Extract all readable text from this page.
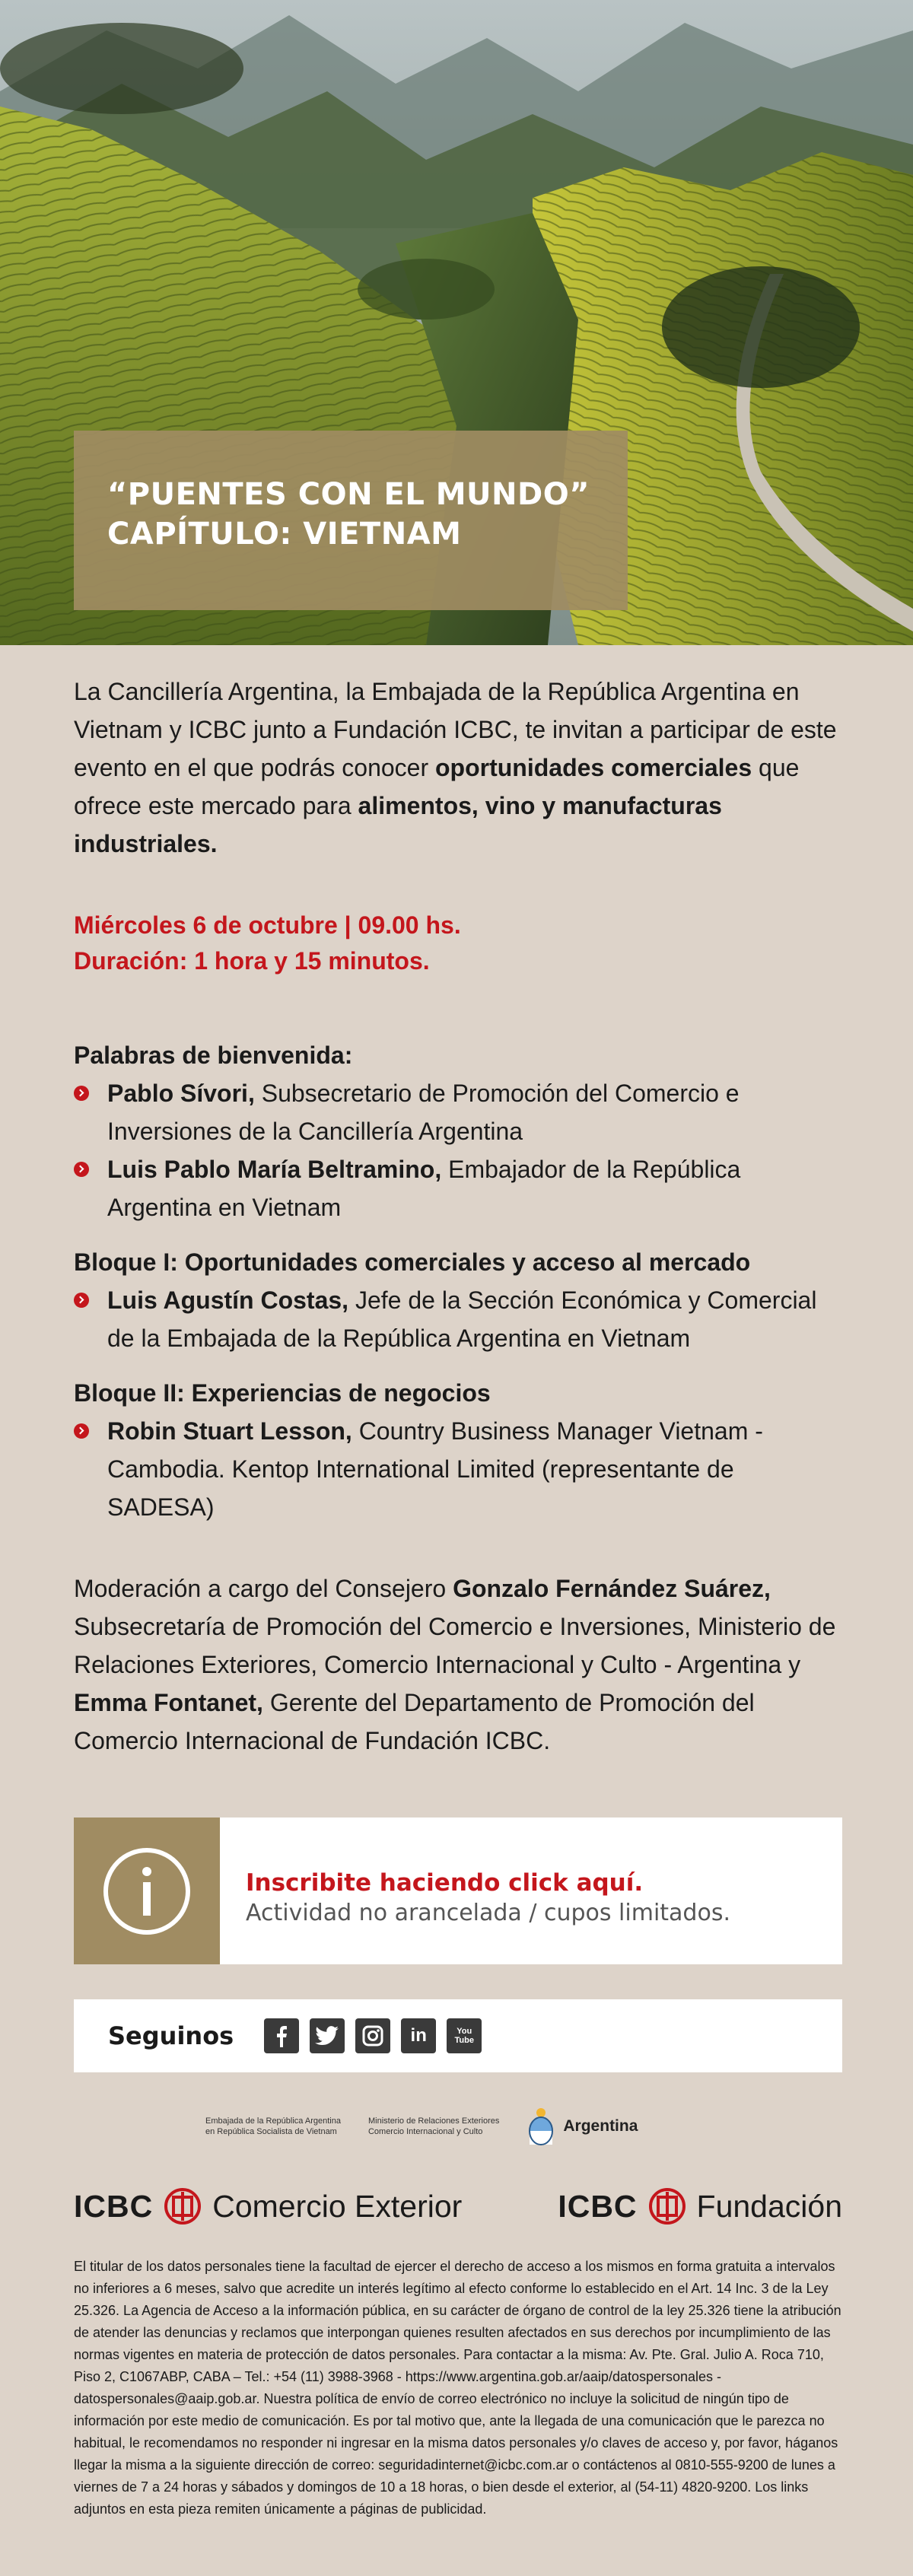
“PUENTES CON EL MUNDO”
CAPÍTULO: VIETNAM

La Cancillería Argentina, la Embajada de la República Argentina en Vietnam y ICBC junto a Fundación ICBC, te invitan a participar de este evento en el que podrás conocer oportunidades comerciales que ofrece este mercado para alimentos, vino y manufacturas industriales.

Miércoles 6 de octubre | 09.00 hs.

Duración: 1 hora y 15 minutos.

Palabras de bienvenida:
Pablo Sívori, Subsecretario de Promoción del Comercio e Inversiones de la Cancillería Argentina
Luis Pablo María Beltramino, Embajador de la República Argentina en Vietnam
Bloque I: Oportunidades comerciales y acceso al mercado
Luis Agustín Costas, Jefe de la Sección Económica y Comercial de la Embajada de la República Argentina en Vietnam
Bloque II: Experiencias de negocios
Robin Stuart Lesson, Country Business Manager Vietnam - Cambodia. Kentop International Limited (representante de SADESA)

Moderación a cargo del Consejero Gonzalo Fernández Suárez, Subsecretaría de Promoción del Comercio e Inversiones, Ministerio de Relaciones Exteriores, Comercio Internacional y Culto - Argentina y Emma Fontanet, Gerente del Departamento de Promoción del Comercio Internacional de Fundación ICBC.

Inscribite haciendo click aquí.
Actividad no arancelada / cupos limitados.
Seguinos	in	You Tube
Embajada de la República Argentina
en República Socialista de Vietnam
Ministerio de Relaciones Exteriores
Comercio Internacional y Culto	Argentina
ICBC Comercio Exterior	ICBC Fundación

El titular de los datos personales tiene la facultad de ejercer el derecho de acceso a los mismos en forma gratuita a intervalos no inferiores a 6 meses, salvo que acredite un interés legítimo al efecto conforme lo establecido en el Art. 14 Inc. 3 de la Ley 25.326. La Agencia de Acceso a la información pública, en su carácter de órgano de control de la ley 25.326 tiene la atribución de atender las denuncias y reclamos que interpongan quienes resulten afectados en sus derechos por incumplimiento de las normas vigentes en materia de protección de datos personales. Para contactar a la misma: Av. Pte. Gral. Julio A. Roca 710, Piso 2, C1067ABP, CABA – Tel.: +54 (11) 3988-3968 - https://www.argentina.gob.ar/aaip/datospersonales - datospersonales@aaip.gob.ar. Nuestra política de envío de correo electrónico no incluye la solicitud de ningún tipo de información por este medio de comunicación. Es por tal motivo que, ante la llegada de una comunicación que le parezca no habitual, le recomendamos no responder ni ingresar en la misma datos personales y/o claves de acceso y, por favor, háganos llegar la misma a la siguiente dirección de correo: seguridadinternet@icbc.com.ar o contáctenos al 0810-555-9200 de lunes a viernes de 7 a 24 horas y sábados y domingos de 10 a 18 horas, o bien desde el exterior, al (54-11) 4820-9200. Los links adjuntos en esta pieza remiten únicamente a páginas de publicidad.
